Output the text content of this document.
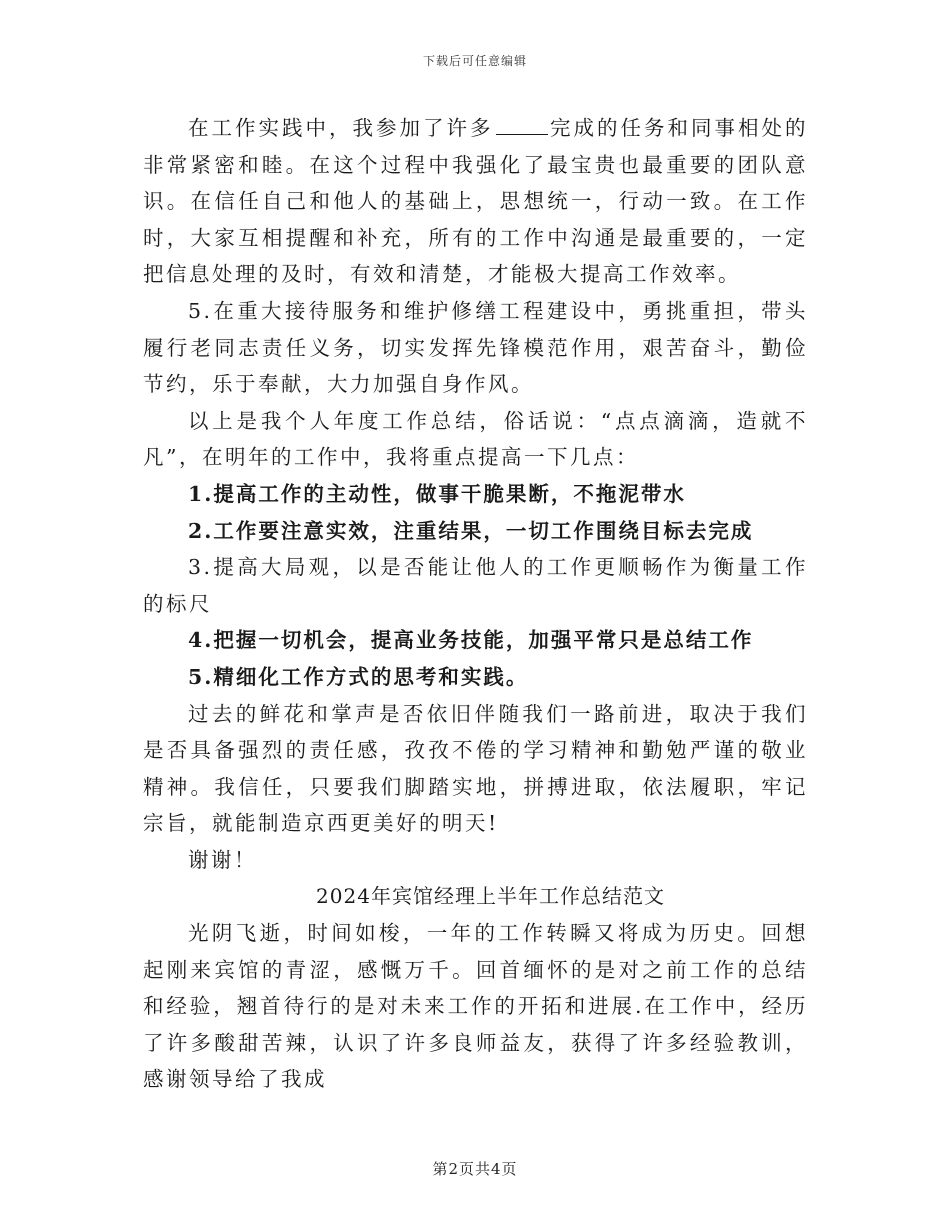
下载后可任意编辑

在工作实践中，我参加了许多	完成的任务和同事相处的非常紧密和睦。在这个过程中我强化了最宝贵也最重要的团队意识。在信任自己和他人的基础上，思想统一，行动一致。在工作时，大家互相提醒和补充，所有的工作中沟通是最重要的，一定把信息处理的及时，有效和清楚，才能极大提高工作效率。

5.在重大接待服务和维护修缮工程建设中，勇挑重担，带头履行老同志责任义务，切实发挥先锋模范作用，艰苦奋斗，勤俭节约，乐于奉献，大力加强自身作风。

以上是我个人年度工作总结，俗话说：“点点滴滴，造就不凡”，在明年的工作中，我将重点提高一下几点：

1.提高工作的主动性，做事干脆果断，不拖泥带水

2.工作要注意实效，注重结果，一切工作围绕目标去完成

3.提高大局观，以是否能让他人的工作更顺畅作为衡量工作的标尺

4.把握一切机会，提高业务技能，加强平常只是总结工作

5.精细化工作方式的思考和实践。

过去的鲜花和掌声是否依旧伴随我们一路前进，取决于我们是否具备强烈的责任感，孜孜不倦的学习精神和勤勉严谨的敬业精神。我信任，只要我们脚踏实地，拼搏进取，依法履职，牢记宗旨，就能制造京西更美好的明天!

谢谢！

2024年宾馆经理上半年工作总结范文

光阴飞逝，时间如梭，一年的工作转瞬又将成为历史。回想起刚来宾馆的青涩，感慨万千。回首缅怀的是对之前工作的总结和经验，翘首待行的是对未来工作的开拓和进展.在工作中，经历了许多酸甜苦辣，认识了许多良师益友，获得了许多经验教训，感谢领导给了我成

第2页共4页
